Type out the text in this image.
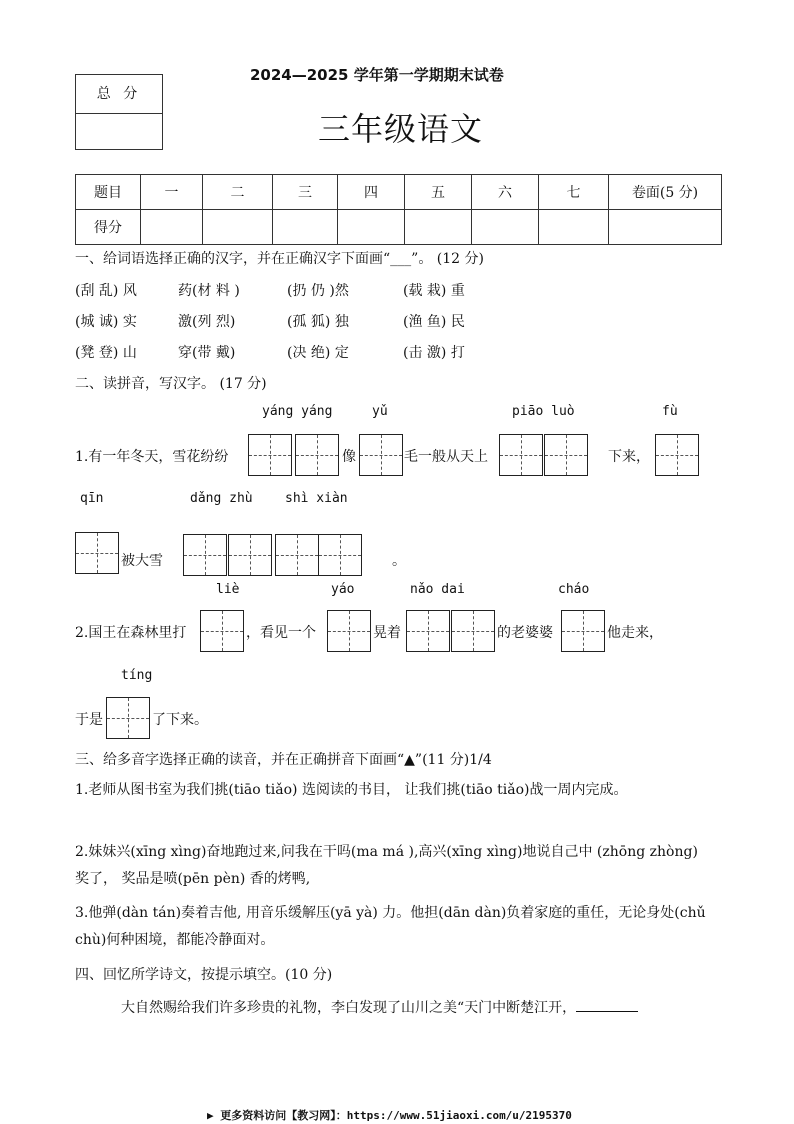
总 分
2024—2025 学年第一学期期末试卷
三年级语文
题目	一	二	三	四	五	六	七	卷面(5 分)
得分								
一、给词语选择正确的汉字，并在正确汉字下面画“___”。 (12 分)
(刮 乱) 风	药(材 料 )	(扔 仍 )然	(载 栽) 重
(城 诚) 实	激(列 烈)	(孤 狐) 独	(渔 鱼) 民
(凳 登) 山	穿(带 戴)	(决 绝) 定	(击 激) 打
二、读拼音，写汉字。 (17 分)
yáng yáng	yǔ	piāo luò	fù
1.有一年冬天，雪花纷纷	像	毛一般从天上	下来，
qīn	dǎng zhù shì xiàn
被大雪	。
liè	yáo	nǎo dai	cháo
2.国王在森林里打	，看见一个	晃着	的老婆婆	他走来，
tíng
于是	了下来。
三、给多音字选择正确的读音，并在正确拼音下面画“▲”(11 分)1/4
1.老师从图书室为我们挑(tiāo tiǎo) 选阅读的书目， 让我们挑(tiāo tiǎo)战一周内完成。
2.妹妹兴(xīng xìng)奋地跑过来,问我在干吗(ma má ),高兴(xīng xìng)地说自己中 (zhōng zhòng) 奖了， 奖品是喷(pēn pèn) 香的烤鸭,
3.他弹(dàn tán)奏着吉他, 用音乐缓解压(yā yà) 力。他担(dān dàn)负着家庭的重任，无论身处(chǔ chù)何种困境，都能冷静面对。
四、回忆所学诗文，按提示填空。(10 分)
大自然赐给我们许多珍贵的礼物，李白发现了山川之美“天门中断楚江开，
▶ 更多资料访问【教习网】：https://www.51jiaoxi.com/u/2195370
